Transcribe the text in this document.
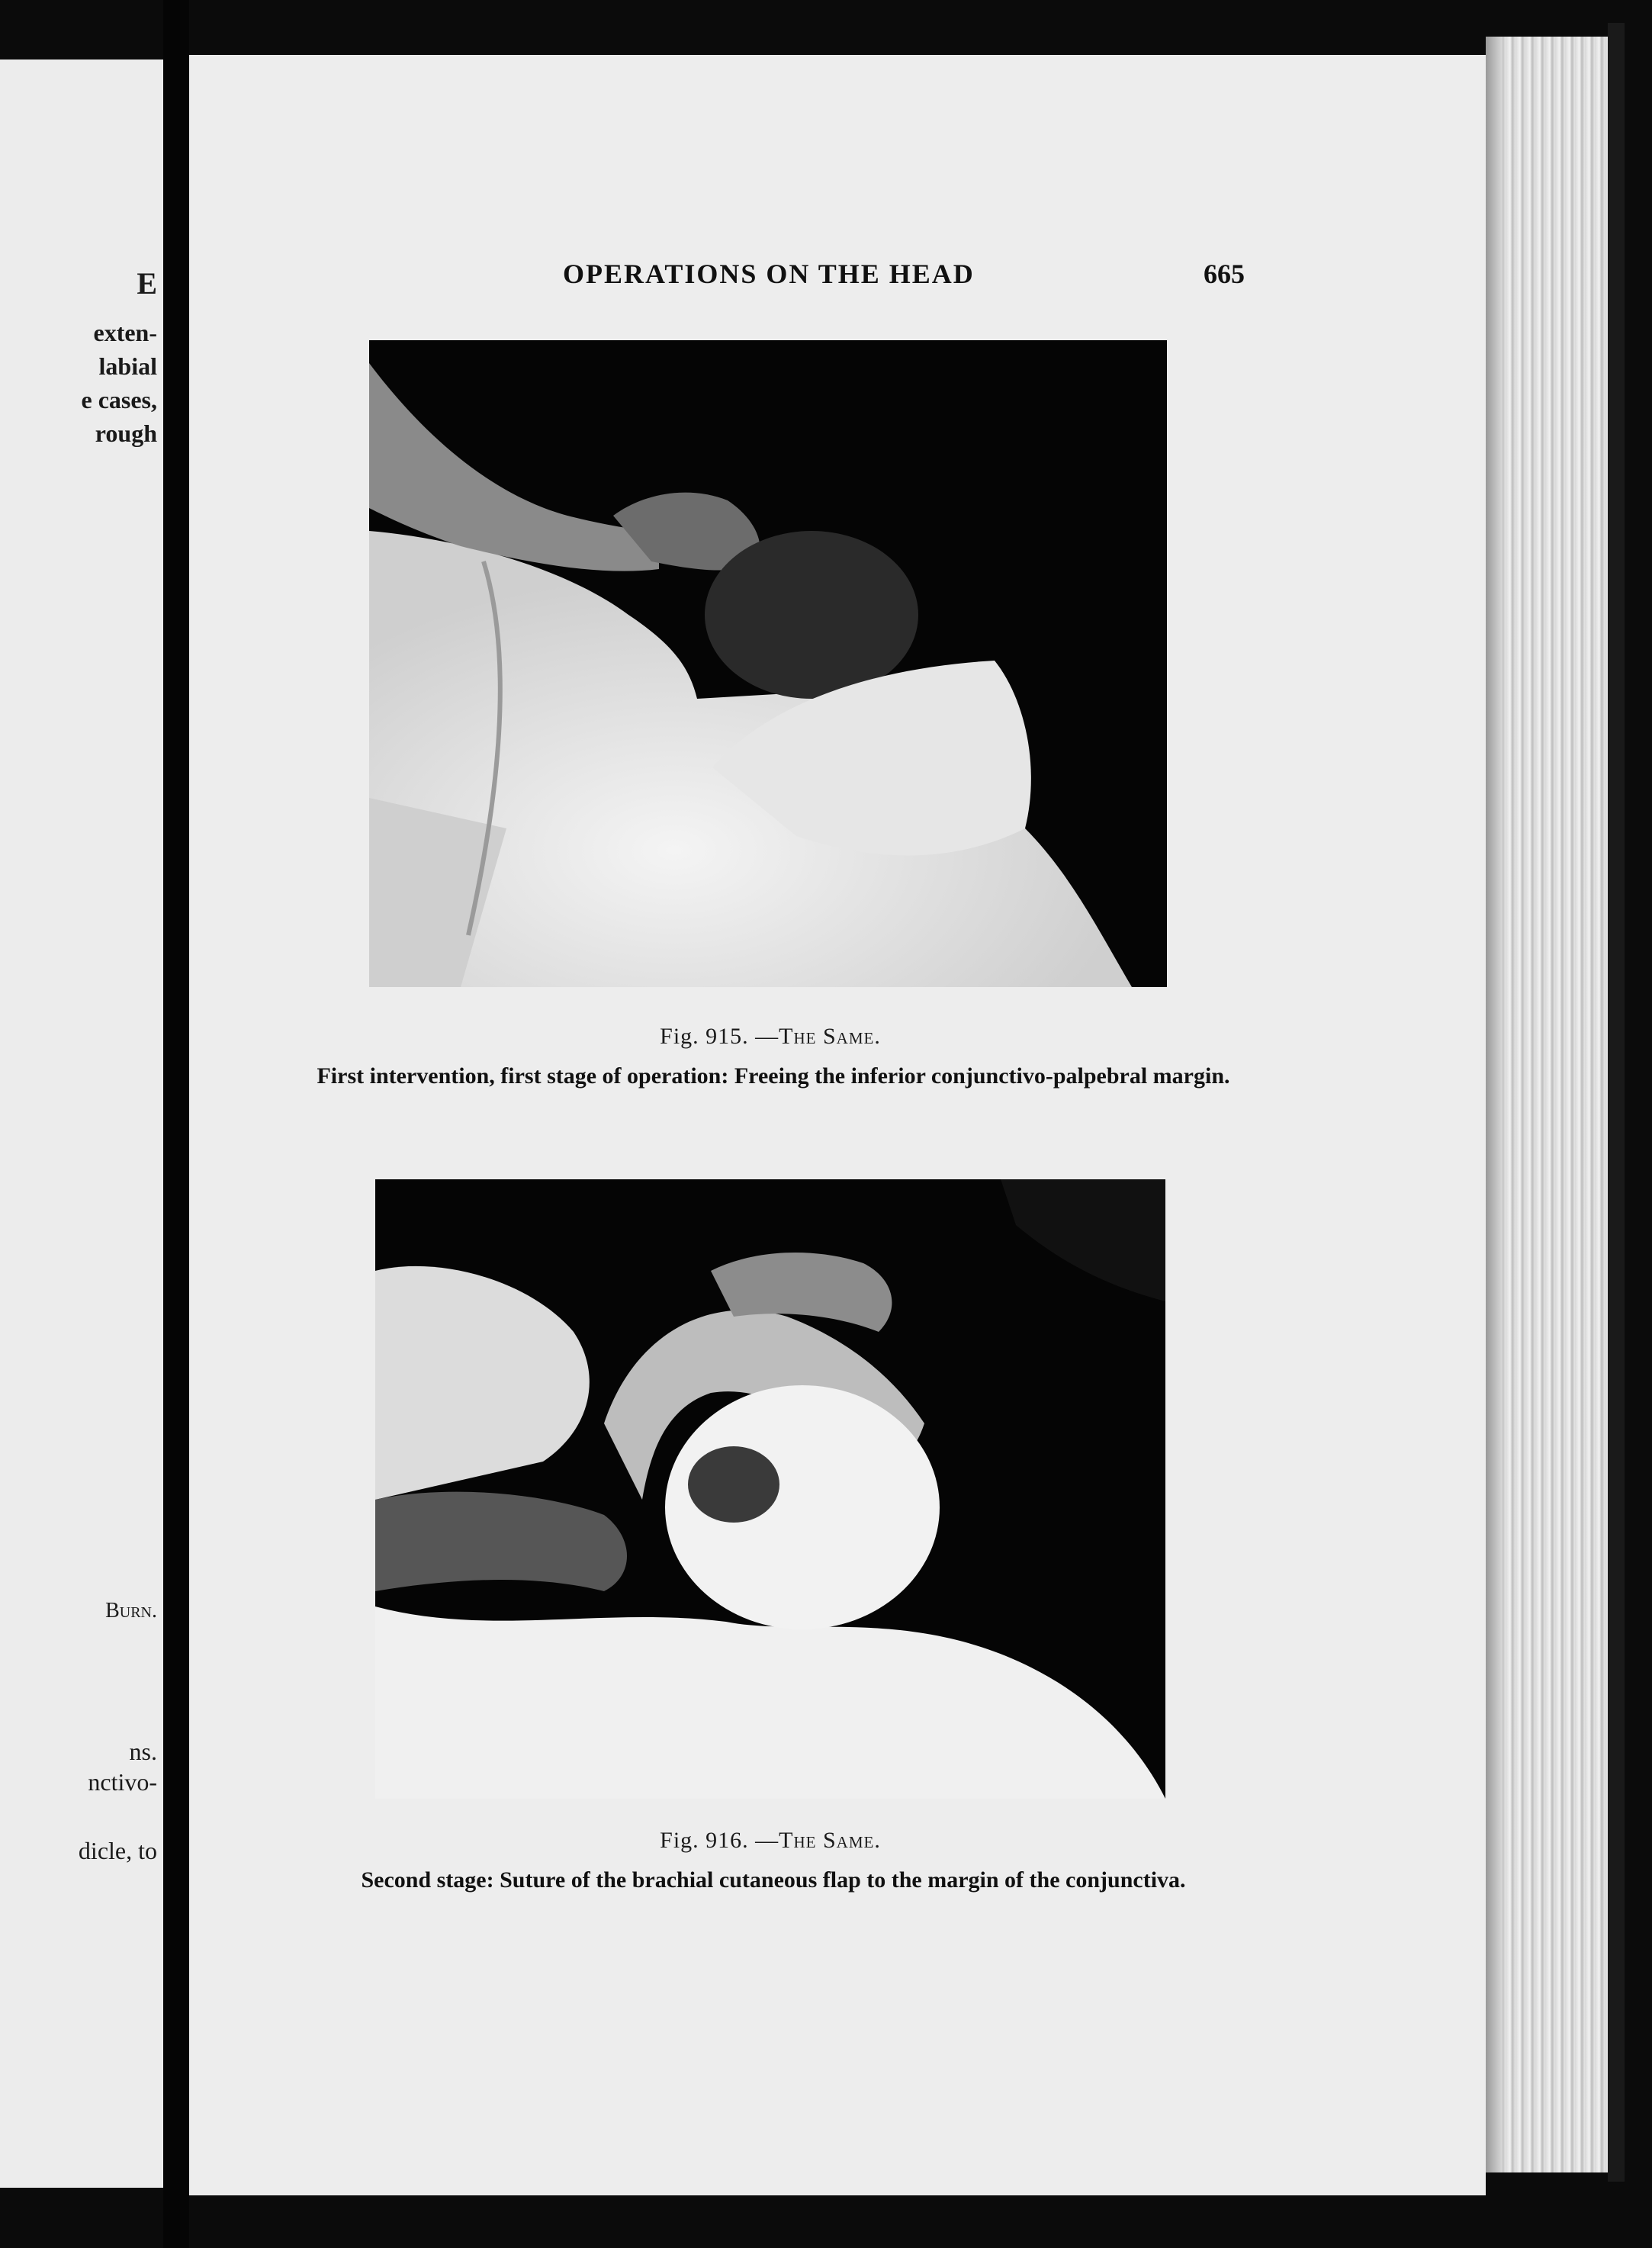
E
exten-
labial
e cases,
rough
Burn.
ns.
nctivo-
dicle, to
OPERATIONS ON THE HEAD	665
Fig. 915. —The Same.
First intervention, first stage of operation: Freeing the inferior conjunctivo-palpebral margin.
Fig. 916. —The Same.
Second stage: Suture of the brachial cutaneous flap to the margin of the conjunctiva.
